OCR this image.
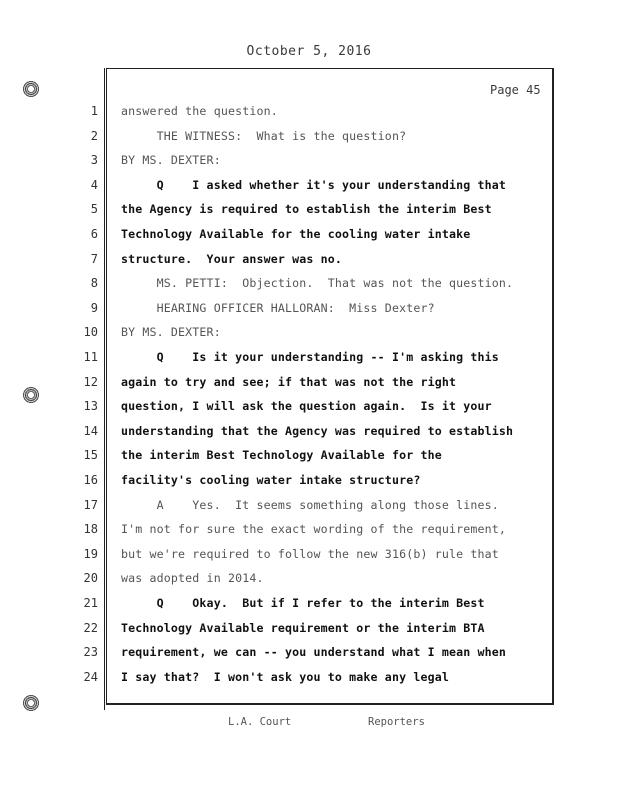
October 5, 2016
Page 45
1 answered the question.
2 THE WITNESS:  What is the question?
3 BY MS. DEXTER:
4 Q    I asked whether it's your understanding that
5 the Agency is required to establish the interim Best
6 Technology Available for the cooling water intake
7 structure.  Your answer was no.
8 MS. PETTI:  Objection.  That was not the question.
9 HEARING OFFICER HALLORAN:  Miss Dexter?
10 BY MS. DEXTER:
11 Q    Is it your understanding -- I'm asking this
12 again to try and see; if that was not the right
13 question, I will ask the question again.  Is it your
14 understanding that the Agency was required to establish
15 the interim Best Technology Available for the
16 facility's cooling water intake structure?
17 A    Yes.  It seems something along those lines.
18 I'm not for sure the exact wording of the requirement,
19 but we're required to follow the new 316(b) rule that
20 was adopted in 2014.
21 Q    Okay.  But if I refer to the interim Best
22 Technology Available requirement or the interim BTA
23 requirement, we can -- you understand what I mean when
24 I say that?  I won't ask you to make any legal
L.A. Court	Reporters
